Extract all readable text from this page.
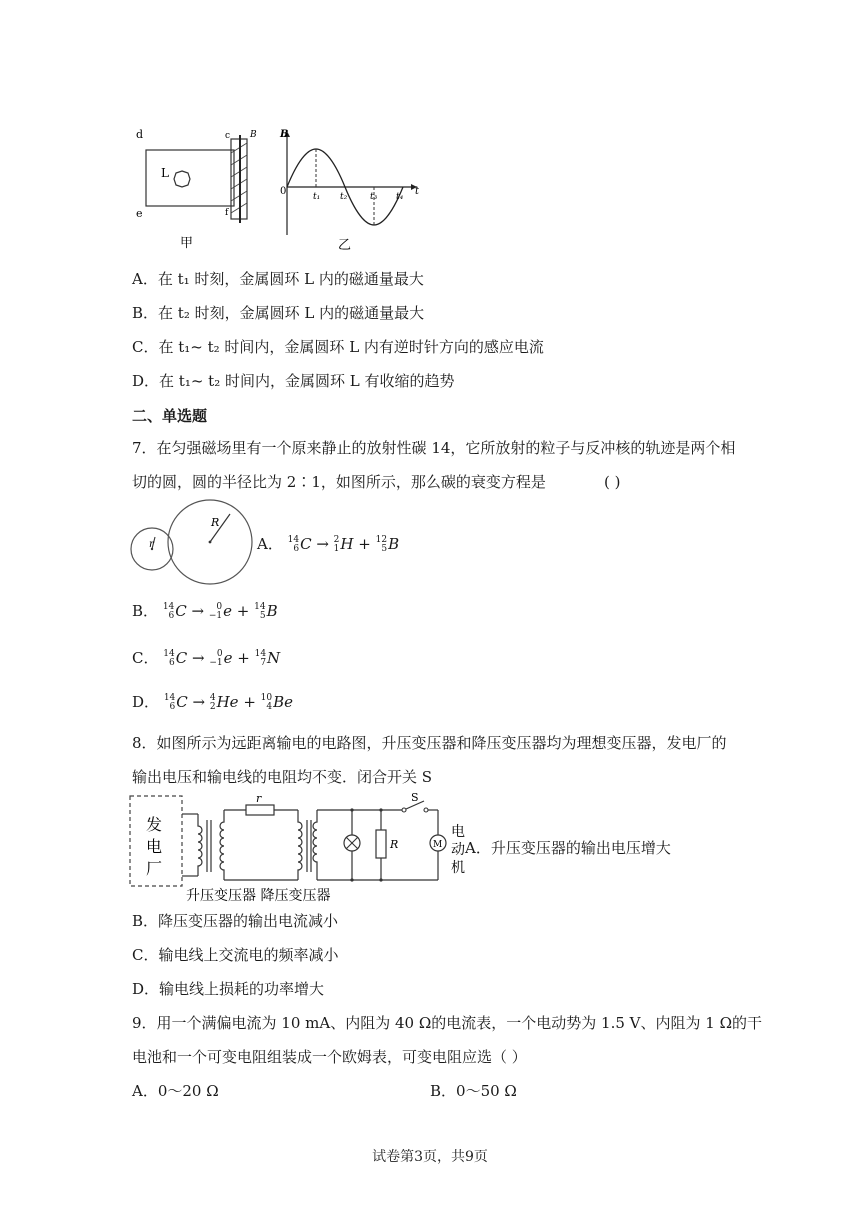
d
e
L
c B
f
甲
B
t
0	t₁ t₂	t₃ t₄
乙
A．在 t₁ 时刻，金属圆环 L 内的磁通量最大
B．在 t₂ 时刻，金属圆环 L 内的磁通量最大
C．在 t₁~ t₂ 时间内，金属圆环 L 内有逆时针方向的感应电流
D．在 t₁~ t₂ 时间内，金属圆环 L 有收缩的趋势
二、单选题
7．在匀强磁场里有一个原来静止的放射性碳 14，它所放射的粒子与反冲核的轨迹是两个相
切的圆，圆的半径比为 2∶1，如图所示，那么碳的衰变方程是	( )
R
r	A． 14
6 C → 2
1 H + 12
5 B
B． 14
6 C → 0
−1 e + 14
5 B
C． 14
6 C → 0
−1 e + 14
7 N
D． 14
6 C → 4
2 He + 10
4 Be
8．如图所示为远距离输电的电路图，升压变压器和降压变压器均为理想变压器，发电厂的
输出电压和输电线的电阻均不变．闭合开关 S
发
电
厂
r
R
S
M
电
动
机
升压变压器 降压变压器
A．升压变压器的输出电压增大
B．降压变压器的输出电流减小
C．输电线上交流电的频率减小
D．输电线上损耗的功率增大
9．用一个满偏电流为 10 mA、内阻为 40 Ω的电流表，一个电动势为 1.5 V、内阻为 1 Ω的干
电池和一个可变电阻组装成一个欧姆表，可变电阻应选（ ）
A．0～20 Ω	B．0～50 Ω
试卷第3页，共9页
